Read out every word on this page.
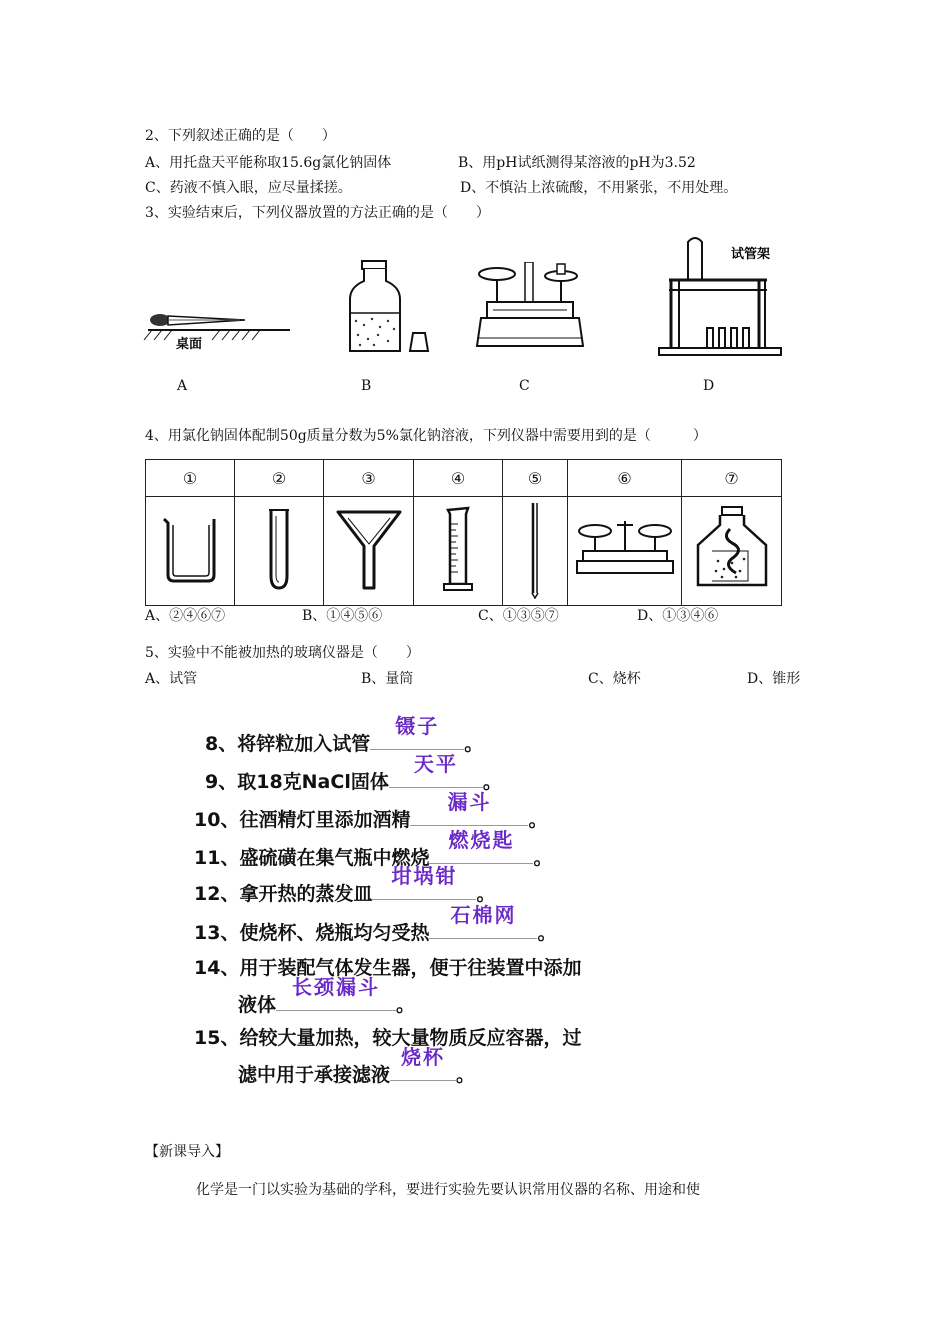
2、下列叙述正确的是（　　）
A、用托盘天平能称取15.6g氯化钠固体	B、用pH试纸测得某溶液的pH为3.52
C、药液不慎入眼，应尽量揉搓。	D、不慎沾上浓硫酸，不用紧张，不用处理。
3、实验结束后，下列仪器放置的方法正确的是（　　）
桌面
A	B	C
试管架
D
4、用氯化钠固体配制50g质量分数为5%氯化钠溶液，下列仪器中需要用到的是（　　　）
①	②	③	④	⑤	⑥	⑦

A、②④⑥⑦	B、①④⑤⑥	C、①③⑤⑦	D、①③④⑥
5、实验中不能被加热的玻璃仪器是（　　）
A、试管	B、量筒	C、烧杯	D、锥形
8、将锌粒加入试管
镊子
。
9、取18克NaCl固体
天平
。
10、往酒精灯里添加酒精
漏斗
。
11、盛硫磺在集气瓶中燃烧
燃烧匙
。
12、拿开热的蒸发皿
坩埚钳
。
13、使烧杯、烧瓶均匀受热
石棉网
。
14、用于装配气体发生器，便于往装置中添加
液体
长颈漏斗
。
15、给较大量加热，较大量物质反应容器，过
滤中用于承接滤液
烧杯
。
【新课导入】
化学是一门以实验为基础的学科，要进行实验先要认识常用仪器的名称、用途和使
